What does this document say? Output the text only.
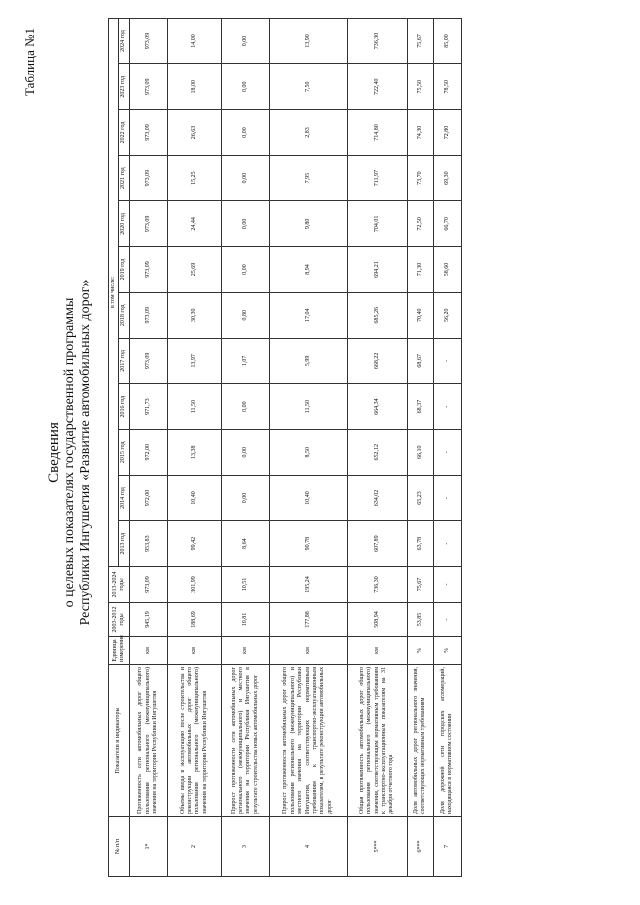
Таблица №1
Сведения о целевых показателях государственной программы Республики Ингушетия «Развитие автомобильных дорог»
№ п/п	Показатели и индикаторы	Единица измерения	2003-2012 годы	2013-2024 годы	в том числе:											
					2013 год	2014 год	2015 год	2016 год	2017 год	2018 год	2019 год	2020 год	2021 год	2022 год	2023 год	2024 год
1*	Протяженность сети автомобильных дорог общего пользования регионального (межмуниципального) значения на территории Республики Ингушетия	км	945,19	973,09	953,83	972,00	972,00	971,73	973,09	973,09	973,09	973,09	973,09	973,09	973,09	973,09
2	Объемы ввода в эксплуатацию после строительства и реконструкции автомобильных дорог общего пользования регионального (межмуниципального) значения на территории Республики Ингушетия	км	188,69	301,99	99,42	10,40	13,38	11,50	13,97	30,30	25,69	24,44	15,25	26,63	18,00	14,00
3	Прирост протяженности сети автомобильных дорог регионального (межмуниципального) и местного значения на территории Республики Ингушетия в результате строительства новых автомобильных дорог	км	10,81	10,51	8,64	0,00	0,00	0,00	1,07	0,80	0,00	0,00	0,00	0,00	0,00	0,00
4	Прирост протяженности автомобильных дорог общего пользования регионального (межмуниципального) и местного значения на территории Республики Ингушетия, соответствующих нормативным требованиям к транспортно-эксплуатационным показателям, в результате реконструкции автомобильных дорог	км	177,88	195,24	90,78	10,40	8,50	11,50	5,99	17,04	8,94	9,80	7,95	2,83	7,50	13,90
5***	Общая протяженность автомобильных дорог общего пользования регионального (межмуниципального) значения, соответствующим нормативным требованиям к транспортно-эксплуатационным показателям на 31 декабря отчетного года	км	508,94	736,30	607,89	634,02	652,12	664,34	668,22	685,26	694,21	704,01	711,97	714,80	722,40	736,30
6***	Доля автомобильных дорог регионального значения, соответствующих нормативным требованиям	%	53,85	75,67	63,78	65,23	66,10	68,37	68,67	70,40	71,30	72,50	73,70	74,30	75,50	75,67
7	Доля дорожной сети городских агломераций, находящаяся в нормативном состоянии	%	-	-	-	-	-	-	-	56,20	58,60	66,70	69,30	72,80	78,50	85,00
